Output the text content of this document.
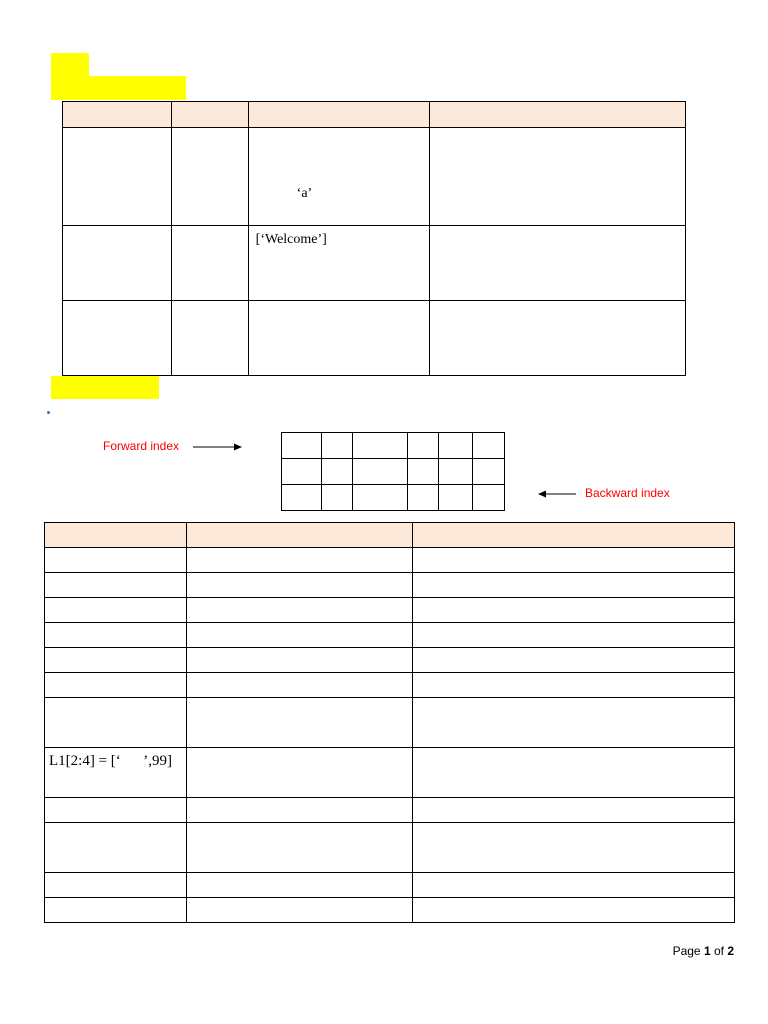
		‘a’	

		[‘Welcome’]	

Forward index

Backward index

L1[2:4] = [‘      ’,99]		

Page 1 of 2
